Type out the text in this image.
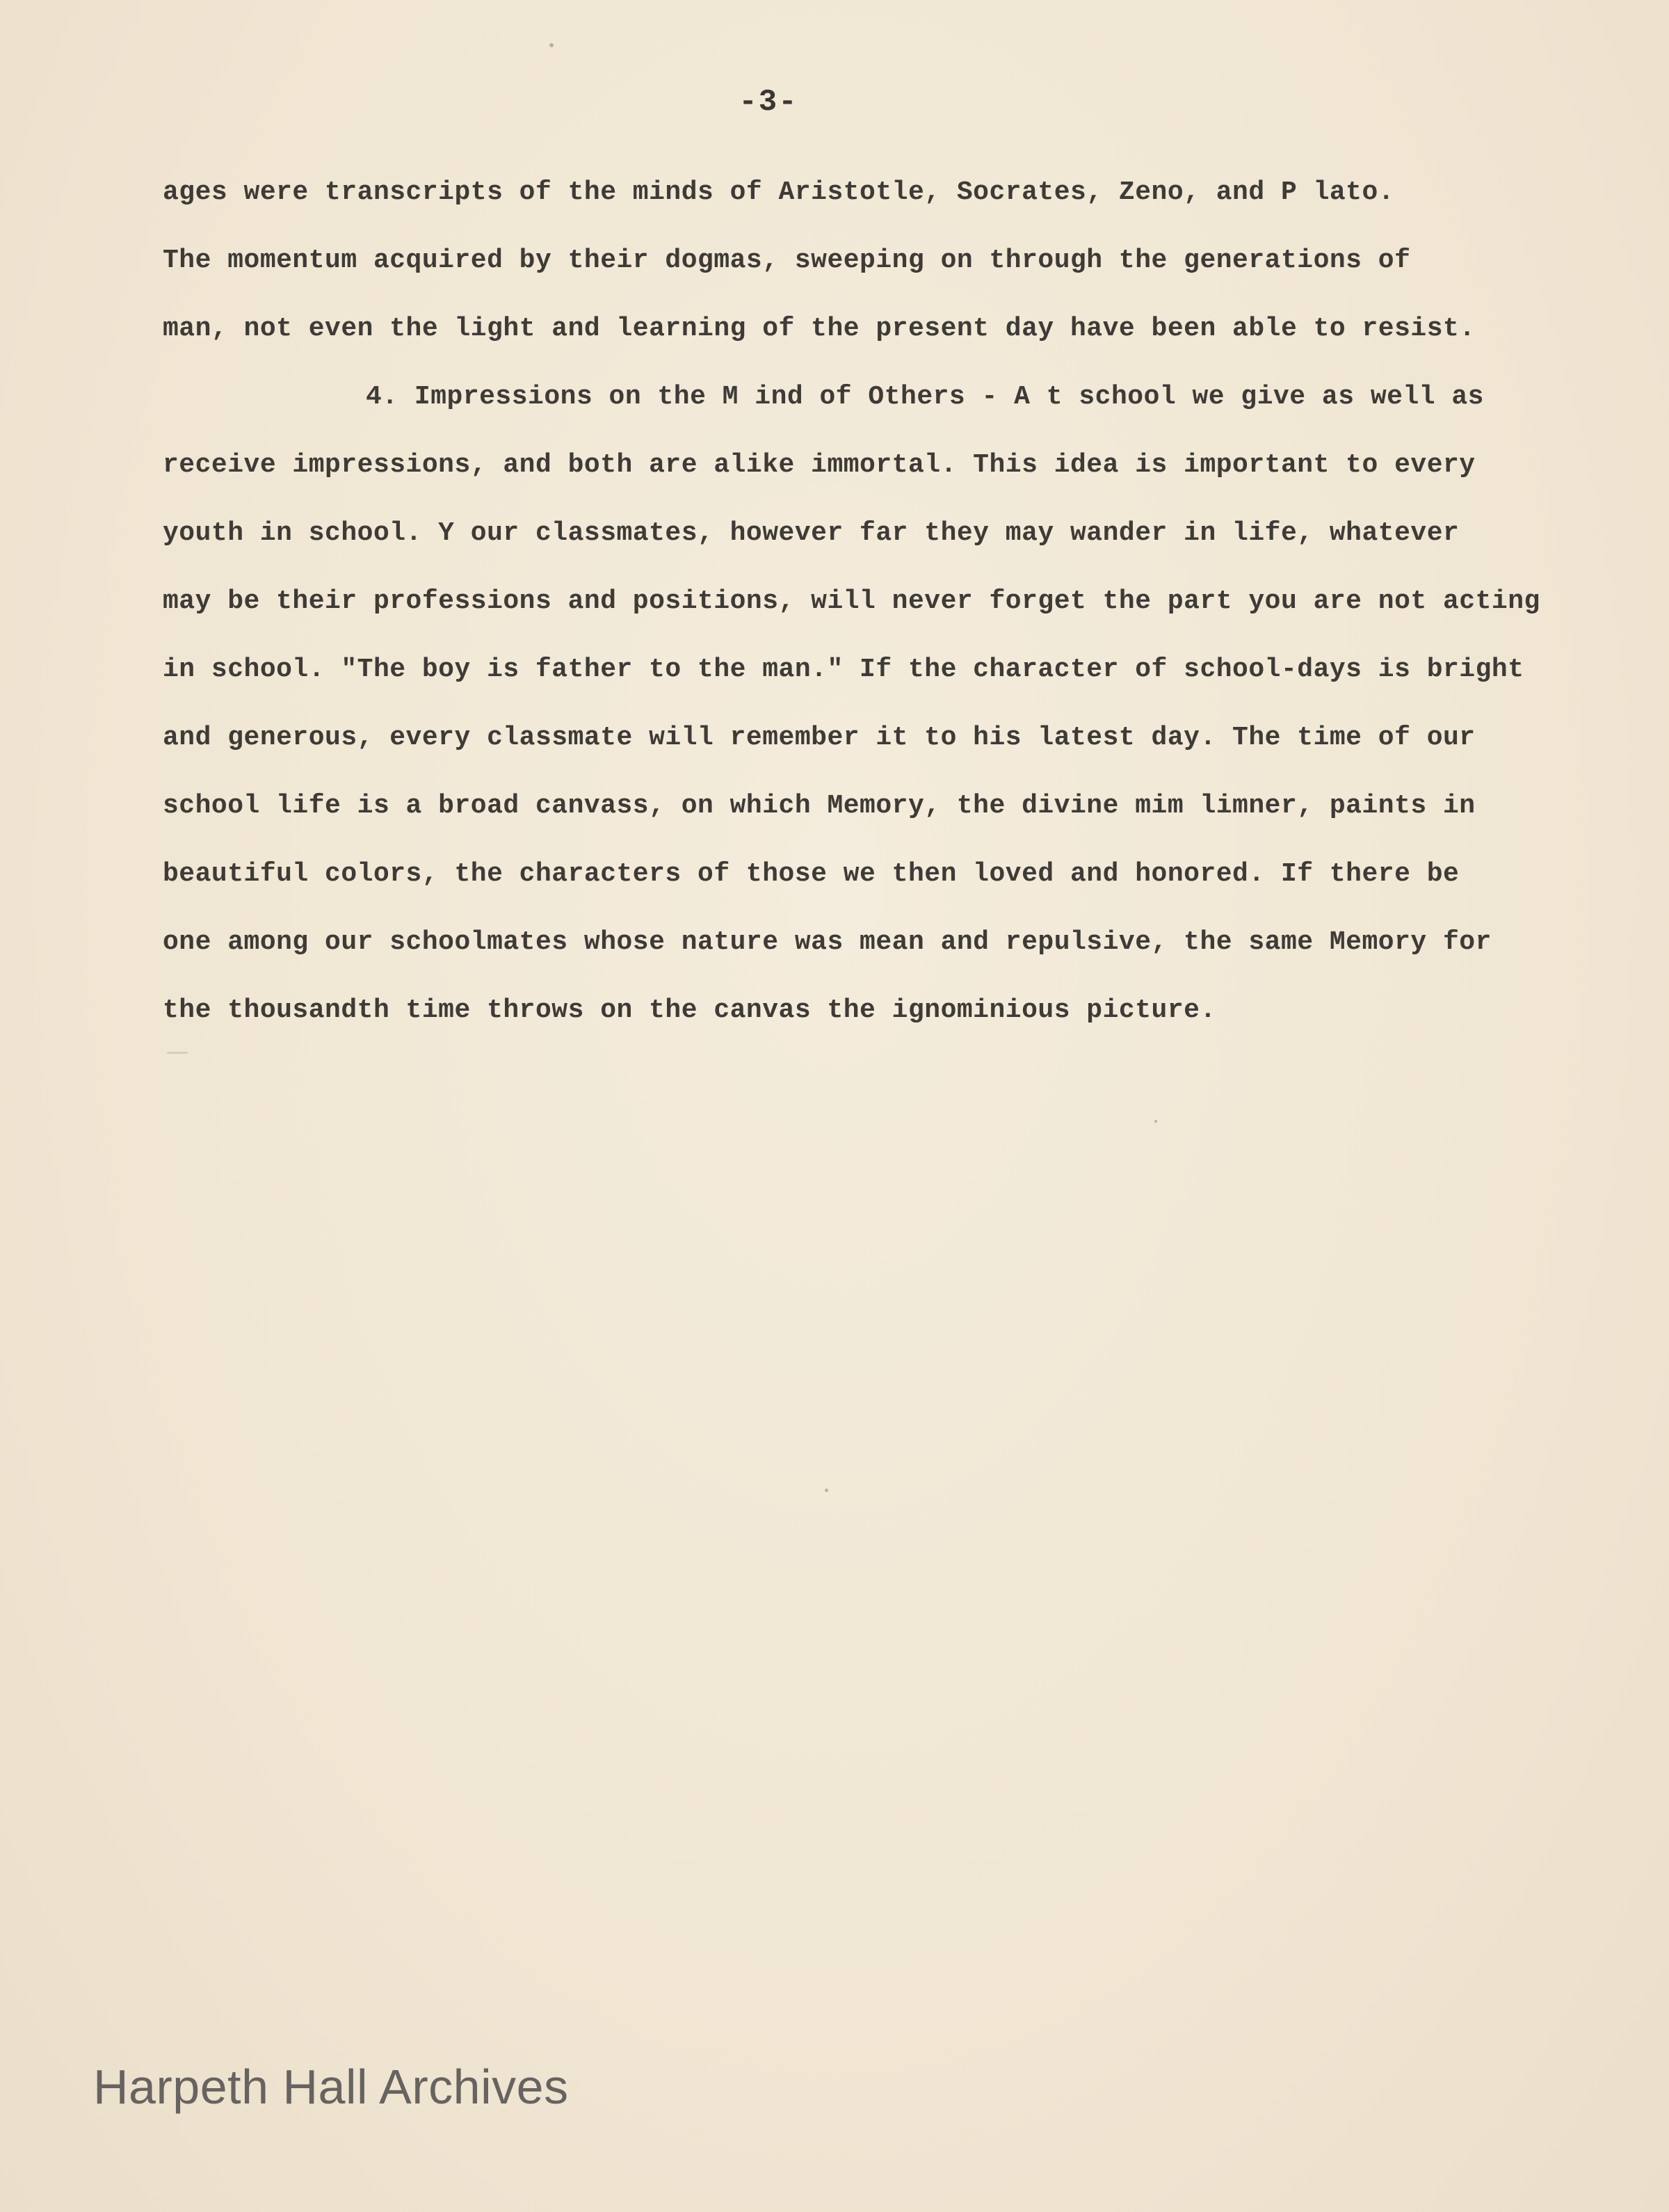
-3-
ages were transcripts of the minds of Aristotle, Socrates, Zeno, and P lato.
The momentum acquired by their dogmas, sweeping on through the generations of
man, not even the light and learning of the present day have been able to resist.
4. Impressions on the M ind of Others - A t school we give as well as
receive impressions, and both are alike immortal. This idea is important to every
youth in school. Y our classmates, however far they may wander in life, whatever
may be their professions and positions, will never forget the part you are not acting
in school. "The boy is father to the man." If the character of school-days is bright
and generous, every classmate will remember it to his latest day. The time of our
school life is a broad canvass, on which Memory, the divine mim limner, paints in
beautiful colors, the characters of those we then loved and honored. If there be
one among our schoolmates whose nature was mean and repulsive, the same Memory for
the thousandth time throws on the canvas the ignominious picture.
Harpeth Hall Archives
